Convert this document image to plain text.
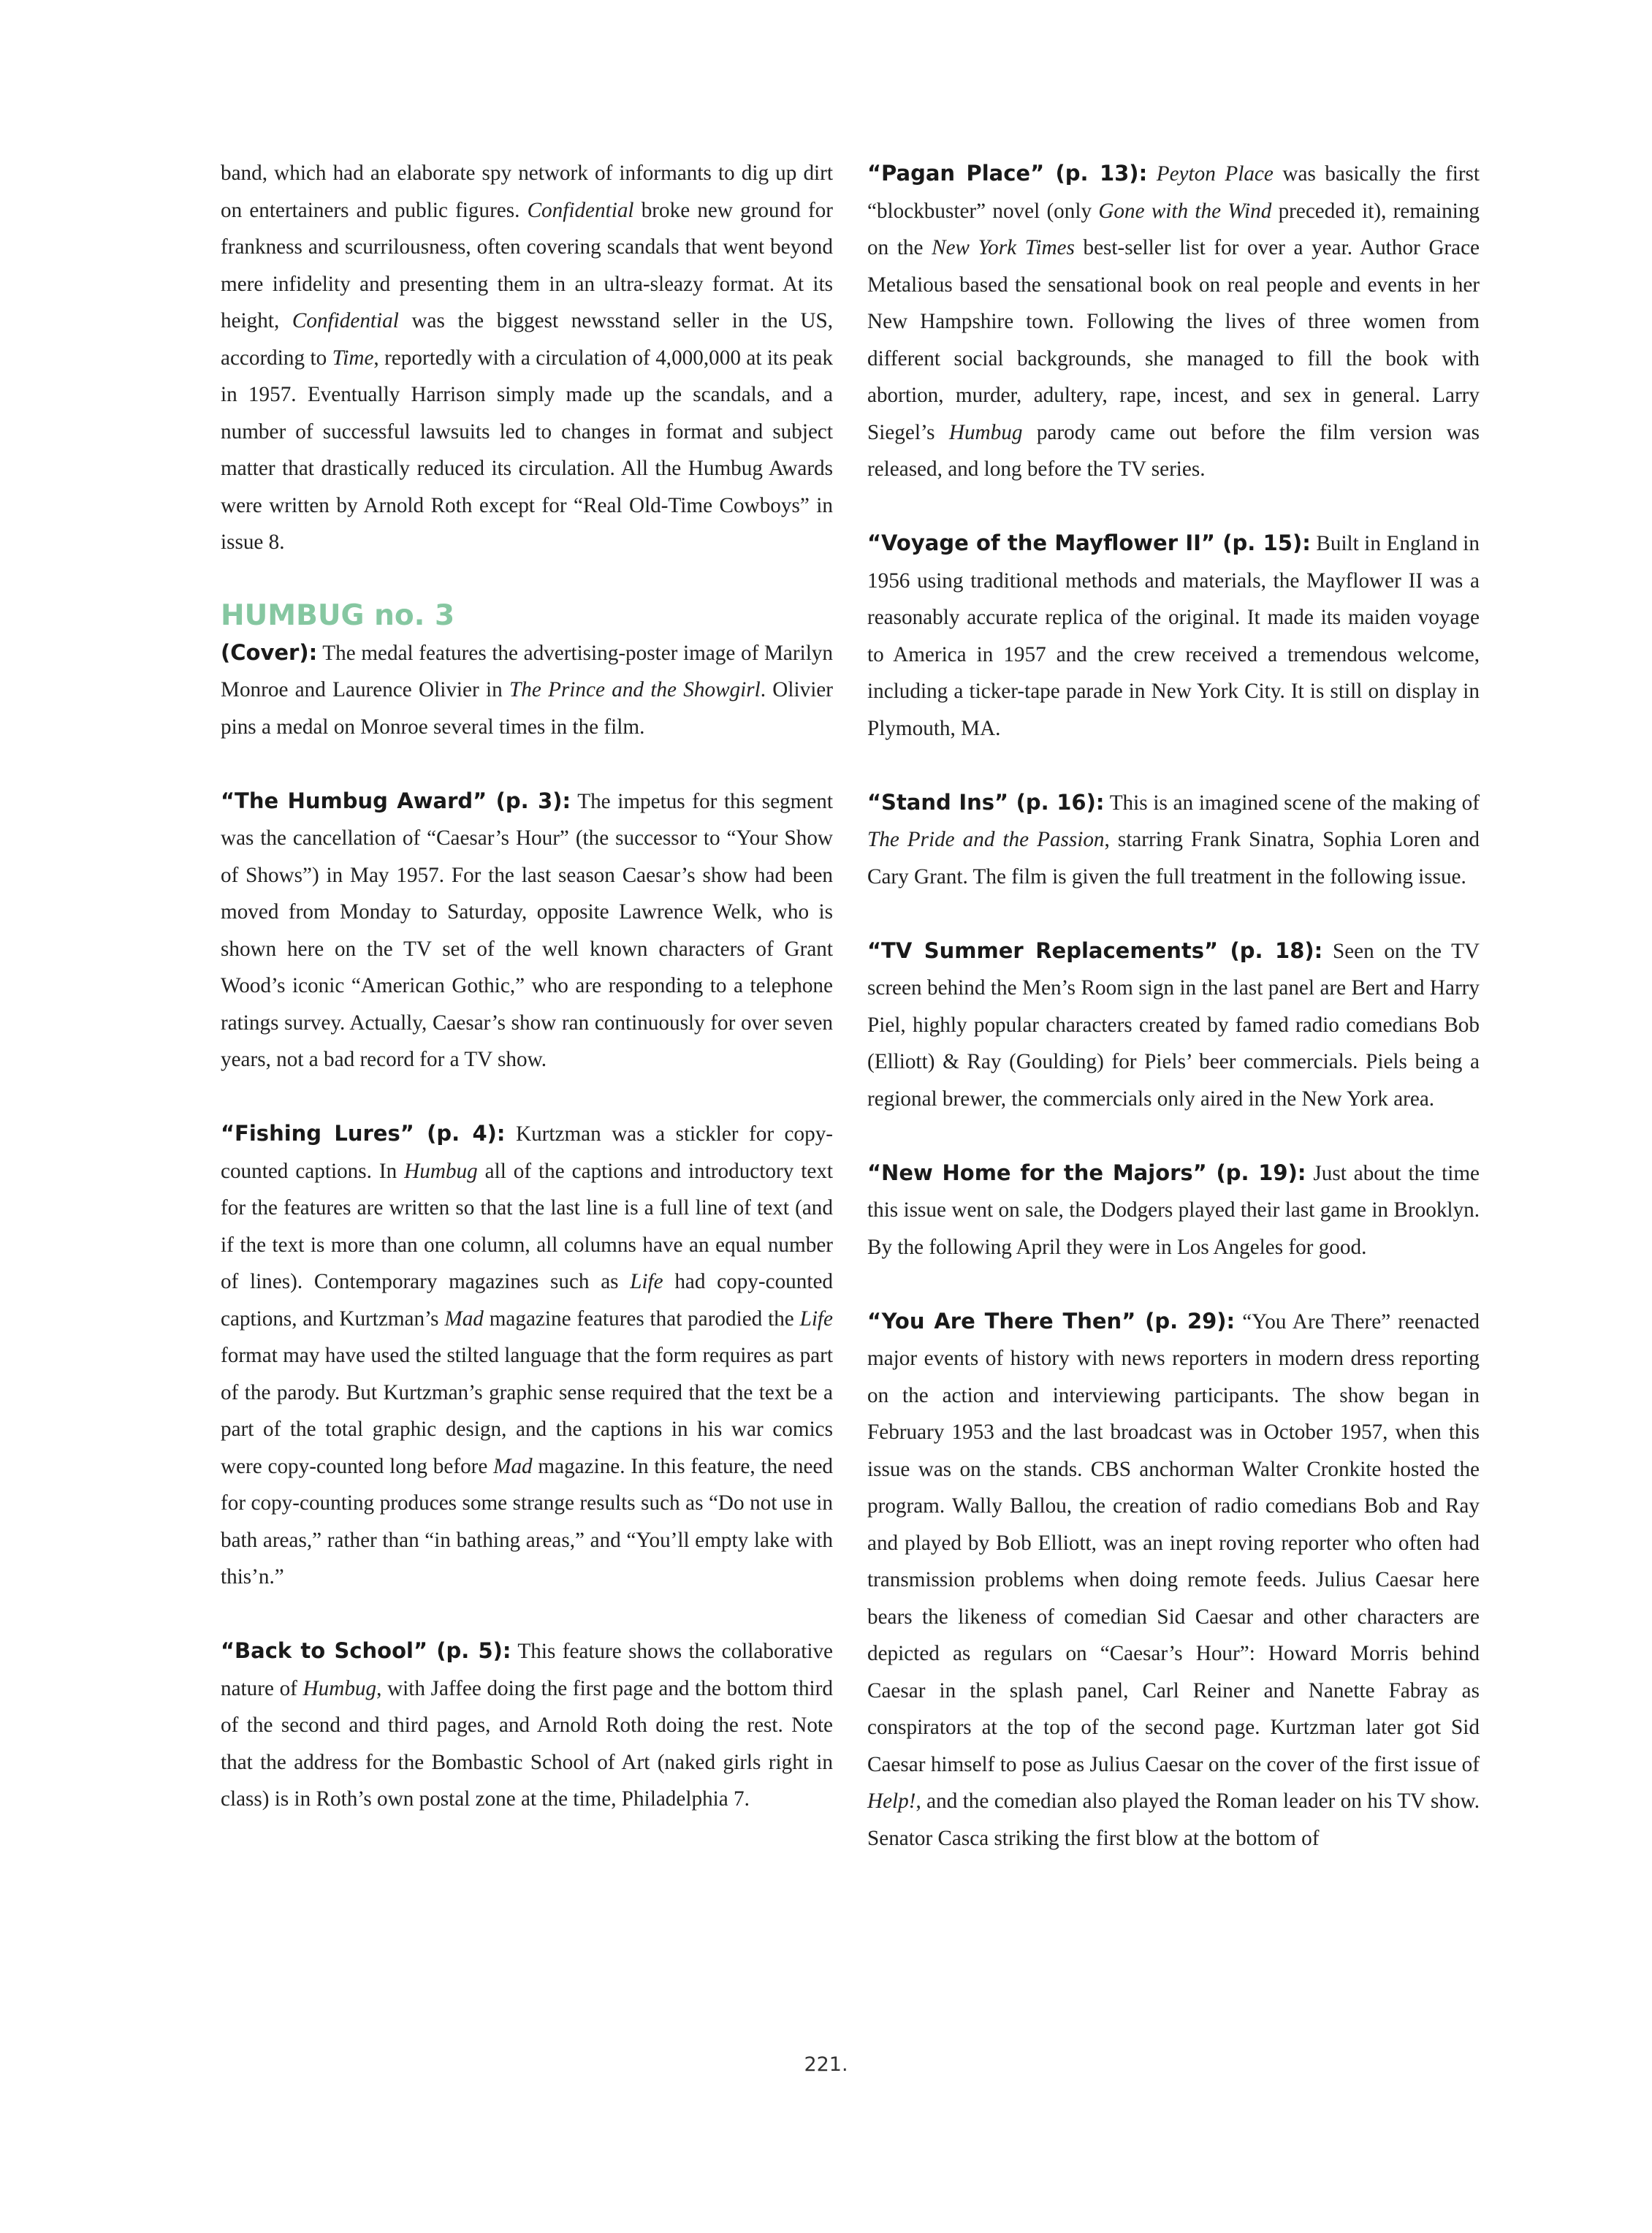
band, which had an elaborate spy network of informants to dig up dirt on entertainers and public figures. Confidential broke new ground for frankness and scurrilousness, often covering scandals that went beyond mere infidelity and presenting them in an ultra-sleazy format. At its height, Confidential was the biggest newsstand seller in the US, according to Time, reportedly with a circulation of 4,000,000 at its peak in 1957. Eventually Harrison simply made up the scandals, and a number of successful lawsuits led to changes in format and subject matter that drastically reduced its circulation. All the Humbug Awards were written by Arnold Roth except for “Real Old-Time Cowboys” in issue 8.

HUMBUG no. 3

(Cover): The medal features the advertising-poster image of Marilyn Monroe and Laurence Olivier in The Prince and the Showgirl. Olivier pins a medal on Monroe several times in the film.

“The Humbug Award” (p. 3): The impetus for this segment was the cancellation of “Caesar’s Hour” (the successor to “Your Show of Shows”) in May 1957. For the last season Caesar’s show had been moved from Monday to Saturday, opposite Lawrence Welk, who is shown here on the TV set of the well known characters of Grant Wood’s iconic “American Gothic,” who are responding to a telephone ratings survey. Actually, Caesar’s show ran continuously for over seven years, not a bad record for a TV show.

“Fishing Lures” (p. 4): Kurtzman was a stickler for copy-counted captions. In Humbug all of the captions and introductory text for the features are written so that the last line is a full line of text (and if the text is more than one column, all columns have an equal number of lines). Contemporary magazines such as Life had copy-counted captions, and Kurtzman’s Mad magazine features that parodied the Life format may have used the stilted language that the form requires as part of the parody. But Kurtzman’s graphic sense required that the text be a part of the total graphic design, and the captions in his war comics were copy-counted long before Mad magazine. In this feature, the need for copy-counting produces some strange results such as “Do not use in bath areas,” rather than “in bathing areas,” and “You’ll empty lake with this’n.”

“Back to School” (p. 5): This feature shows the collaborative nature of Humbug, with Jaffee doing the first page and the bottom third of the second and third pages, and Arnold Roth doing the rest. Note that the address for the Bombastic School of Art (naked girls right in class) is in Roth’s own postal zone at the time, Philadelphia 7.

“Pagan Place” (p. 13): Peyton Place was basically the first “blockbuster” novel (only Gone with the Wind preceded it), remaining on the New York Times best-seller list for over a year. Author Grace Metalious based the sensational book on real people and events in her New Hampshire town. Following the lives of three women from different social backgrounds, she managed to fill the book with abortion, murder, adultery, rape, incest, and sex in general. Larry Siegel’s Humbug parody came out before the film version was released, and long before the TV series.

“Voyage of the Mayflower II” (p. 15): Built in England in 1956 using traditional methods and materials, the Mayflower II was a reasonably accurate replica of the original. It made its maiden voyage to America in 1957 and the crew received a tremendous welcome, including a ticker-tape parade in New York City. It is still on display in Plymouth, MA.

“Stand Ins” (p. 16): This is an imagined scene of the making of The Pride and the Passion, starring Frank Sinatra, Sophia Loren and Cary Grant. The film is given the full treatment in the following issue.

“TV Summer Replacements” (p. 18): Seen on the TV screen behind the Men’s Room sign in the last panel are Bert and Harry Piel, highly popular characters created by famed radio comedians Bob (Elliott) & Ray (Goulding) for Piels’ beer commercials. Piels being a regional brewer, the commercials only aired in the New York area.

“New Home for the Majors” (p. 19): Just about the time this issue went on sale, the Dodgers played their last game in Brooklyn. By the following April they were in Los Angeles for good.

“You Are There Then” (p. 29): “You Are There” reenacted major events of history with news reporters in modern dress reporting on the action and interviewing participants. The show began in February 1953 and the last broadcast was in October 1957, when this issue was on the stands. CBS anchorman Walter Cronkite hosted the program. Wally Ballou, the creation of radio comedians Bob and Ray and played by Bob Elliott, was an inept roving reporter who often had transmission problems when doing remote feeds. Julius Caesar here bears the likeness of comedian Sid Caesar and other characters are depicted as regulars on “Caesar’s Hour”: Howard Morris behind Caesar in the splash panel, Carl Reiner and Nanette Fabray as conspirators at the top of the second page. Kurtzman later got Sid Caesar himself to pose as Julius Caesar on the cover of the first issue of Help!, and the comedian also played the Roman leader on his TV show. Senator Casca striking the first blow at the bottom of

221.
